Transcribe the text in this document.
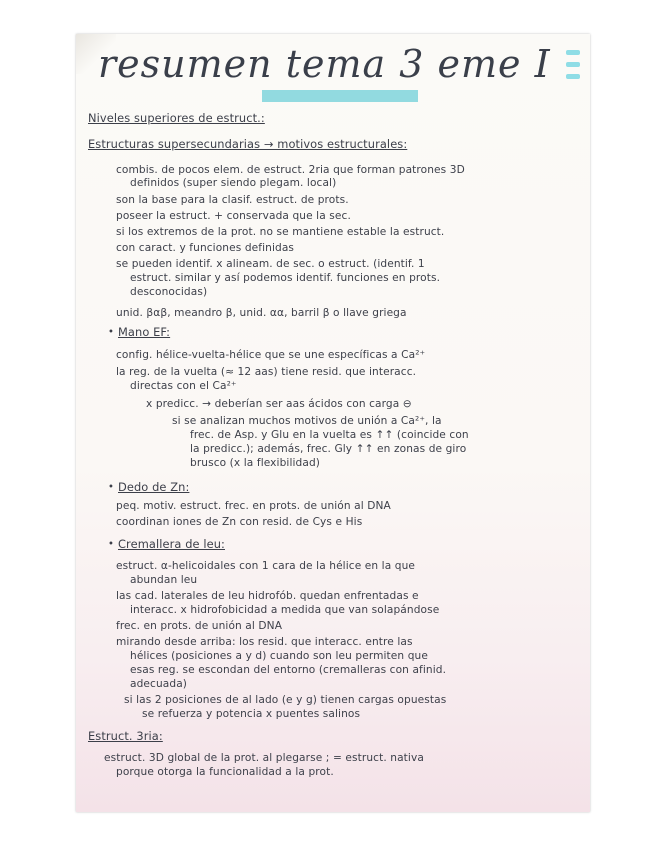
resumen tema 3 eme I
Niveles superiores de estruct.:
Estructuras supersecundarias → motivos estructurales:
combis. de pocos elem. de estruct. 2ria que forman patrones 3D
definidos (super siendo plegam. local)
son la base para la clasif. estruct. de prots.
poseer la estruct. + conservada que la sec.
si los extremos de la prot. no se mantiene estable la estruct.
con caract. y funciones definidas
se pueden identif. x alineam. de sec. o estruct. (identif. 1
estruct. similar y así podemos identif. funciones en prots.
desconocidas)
unid. βαβ, meandro β, unid. αα, barril β o llave griega
• Mano EF:
config. hélice-vuelta-hélice que se une específicas a Ca²⁺
la reg. de la vuelta (≈ 12 aas) tiene resid. que interacc.
directas con el Ca²⁺
x predicc. → deberían ser aas ácidos con carga ⊖
si se analizan muchos motivos de unión a Ca²⁺, la
frec. de Asp. y Glu en la vuelta es ↑↑ (coincide con
la predicc.); además, frec. Gly ↑↑ en zonas de giro
brusco (x la flexibilidad)
• Dedo de Zn:
peq. motiv. estruct. frec. en prots. de unión al DNA
coordinan iones de Zn con resid. de Cys e His
• Cremallera de leu:
estruct. α-helicoidales con 1 cara de la hélice en la que
abundan leu
las cad. laterales de leu hidrofób. quedan enfrentadas e
interacc. x hidrofobicidad a medida que van solapándose
frec. en prots. de unión al DNA
mirando desde arriba: los resid. que interacc. entre las
hélices (posiciones a y d) cuando son leu permiten que
esas reg. se escondan del entorno (cremalleras con afinid.
adecuada)
si las 2 posiciones de al lado (e y g) tienen cargas opuestas
se refuerza y potencia x puentes salinos
Estruct. 3ria:
estruct. 3D global de la prot. al plegarse ; = estruct. nativa
porque otorga la funcionalidad a la prot.
